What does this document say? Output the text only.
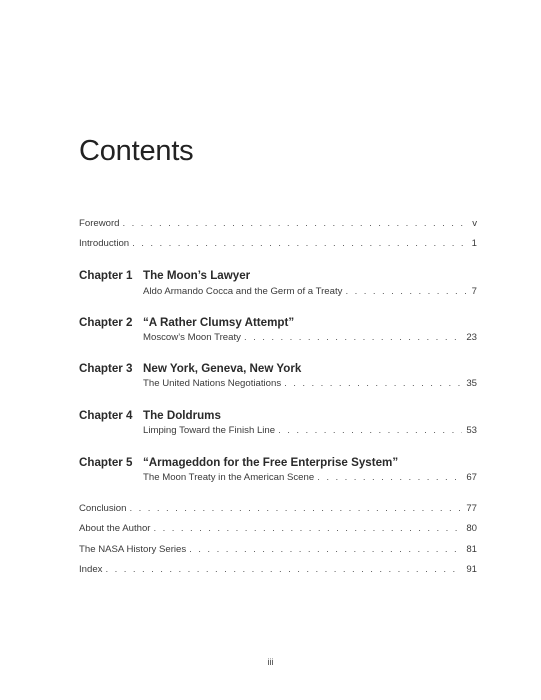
Contents
Foreword . . .	v
Introduction . . .	1
Chapter 1 The Moon’s Lawyer
Aldo Armando Cocca and the Germ of a Treaty . . .	7
Chapter 2 “A Rather Clumsy Attempt”
Moscow’s Moon Treaty . . .	23
Chapter 3 New York, Geneva, New York
The United Nations Negotiations . . .	35
Chapter 4 The Doldrums
Limping Toward the Finish Line . . .	53
Chapter 5 “Armageddon for the Free Enterprise System”
The Moon Treaty in the American Scene . . .	67
Conclusion . . .	77
About the Author . . .	80
The NASA History Series . . .	81
Index . . .	91
iii
